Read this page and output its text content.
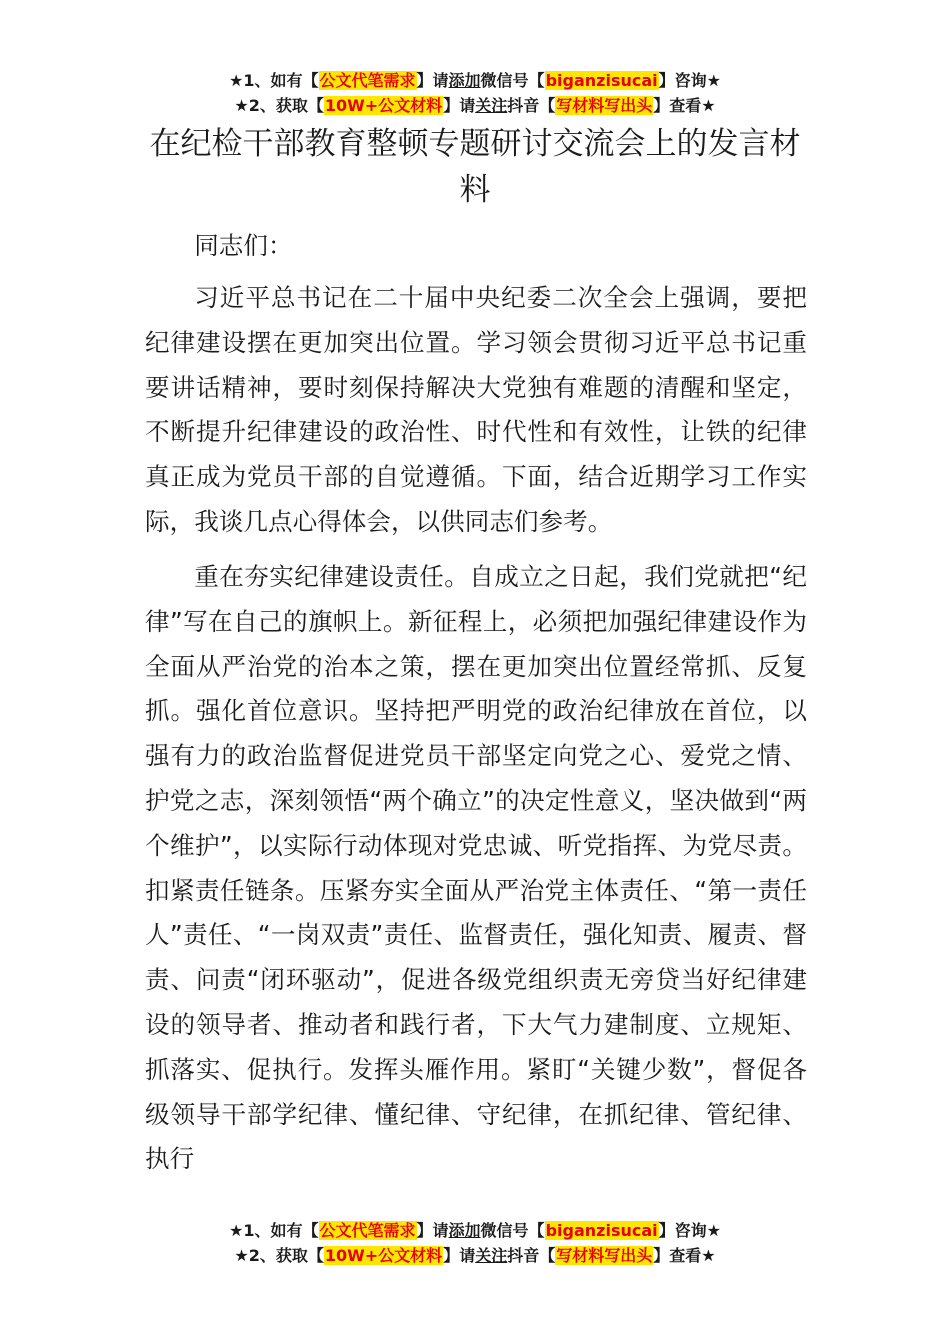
★1、如有【公文代笔需求】请添加微信号【biganzisucai】咨询★
★2、获取【10W+公文材料】请关注抖音【写材料写出头】查看★
在纪检干部教育整顿专题研讨交流会上的发言材料

同志们：

习近平总书记在二十届中央纪委二次全会上强调，要把纪律建设摆在更加突出位置。学习领会贯彻习近平总书记重要讲话精神，要时刻保持解决大党独有难题的清醒和坚定，不断提升纪律建设的政治性、时代性和有效性，让铁的纪律真正成为党员干部的自觉遵循。下面，结合近期学习工作实际，我谈几点心得体会，以供同志们参考。

重在夯实纪律建设责任。自成立之日起，我们党就把“纪律”写在自己的旗帜上。新征程上，必须把加强纪律建设作为全面从严治党的治本之策，摆在更加突出位置经常抓、反复抓。强化首位意识。坚持把严明党的政治纪律放在首位，以强有力的政治监督促进党员干部坚定向党之心、爱党之情、护党之志，深刻领悟“两个确立”的决定性意义，坚决做到“两个维护”，以实际行动体现对党忠诚、听党指挥、为党尽责。扣紧责任链条。压紧夯实全面从严治党主体责任、“第一责任人”责任、“一岗双责”责任、监督责任，强化知责、履责、督责、问责“闭环驱动”，促进各级党组织责无旁贷当好纪律建设的领导者、推动者和践行者，下大气力建制度、立规矩、抓落实、促执行。发挥头雁作用。紧盯“关键少数”，督促各级领导干部学纪律、懂纪律、守纪律，在抓纪律、管纪律、执行

★1、如有【公文代笔需求】请添加微信号【biganzisucai】咨询★
★2、获取【10W+公文材料】请关注抖音【写材料写出头】查看★
